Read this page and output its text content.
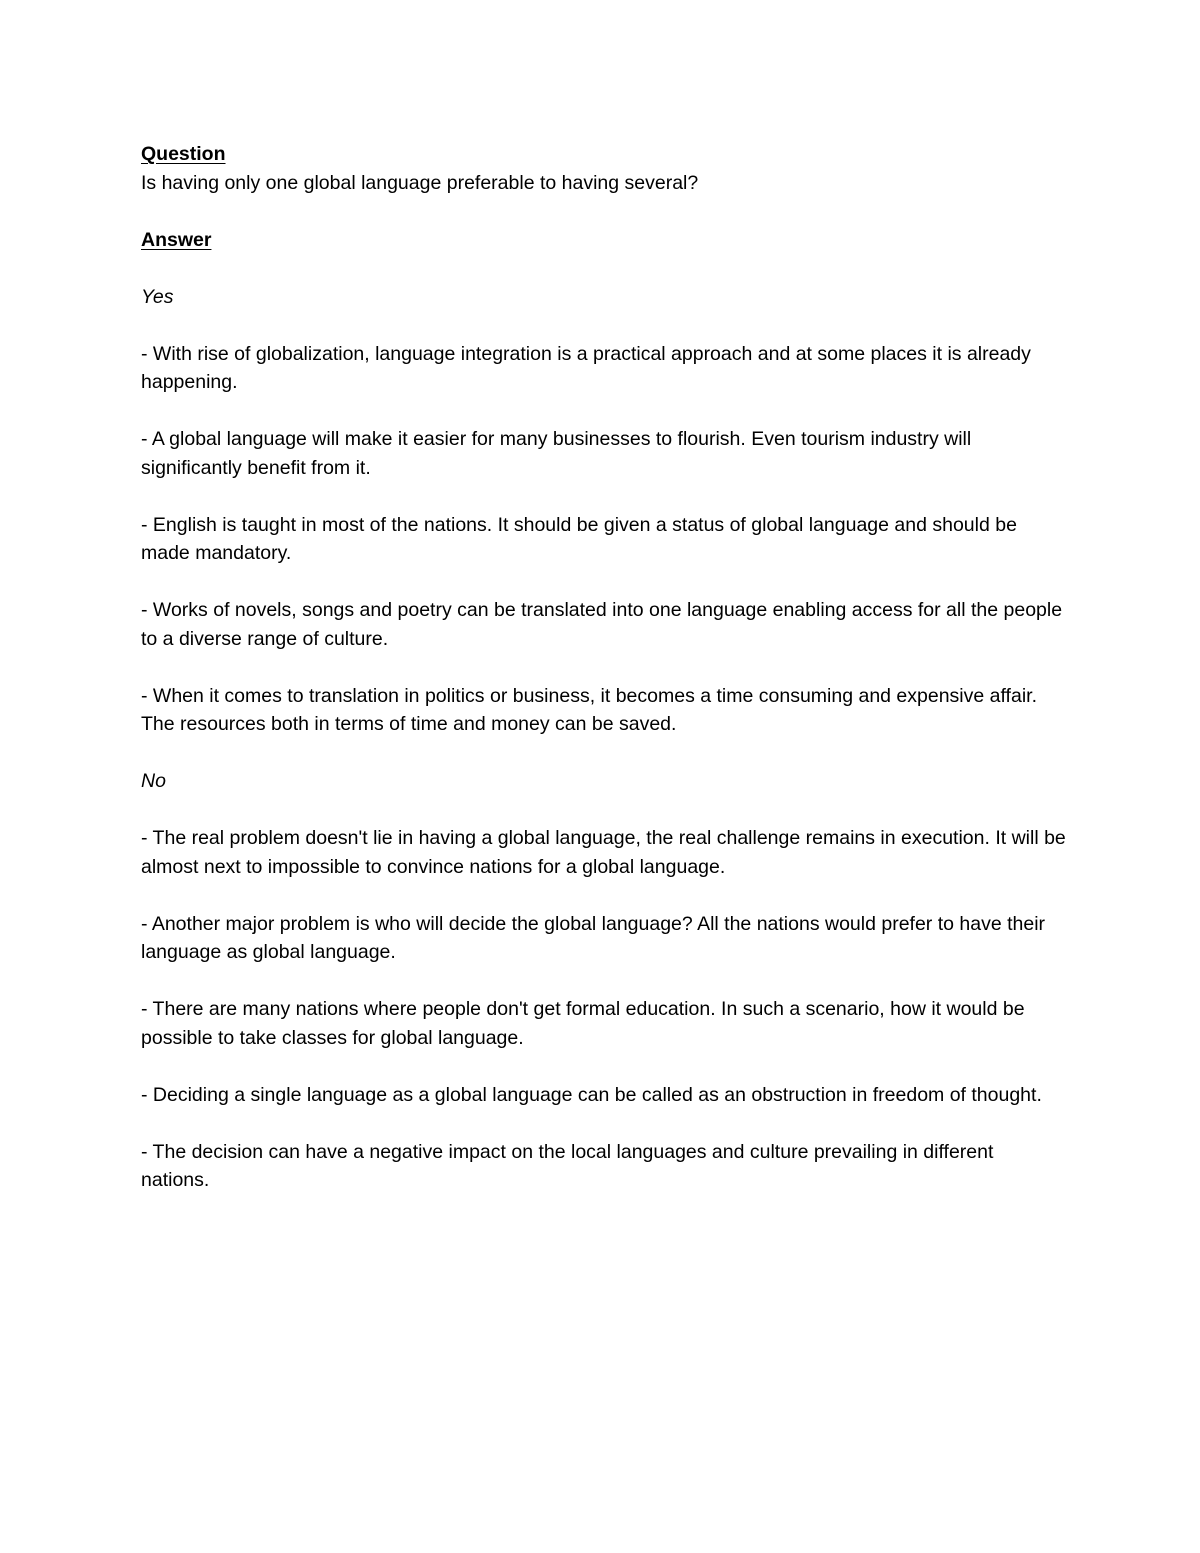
Question

Is having only one global language preferable to having several?

Answer

Yes

- With rise of globalization, language integration is a practical approach and at some places it is already happening.

- A global language will make it easier for many businesses to flourish. Even tourism industry will significantly benefit from it.

- English is taught in most of the nations. It should be given a status of global language and should be made mandatory.

- Works of novels, songs and poetry can be translated into one language enabling access for all the people to a diverse range of culture.

- When it comes to translation in politics or business, it becomes a time consuming and expensive affair. The resources both in terms of time and money can be saved.

No

- The real problem doesn't lie in having a global language, the real challenge remains in execution. It will be almost next to impossible to convince nations for a global language.

- Another major problem is who will decide the global language? All the nations would prefer to have their language as global language.

- There are many nations where people don't get formal education. In such a scenario, how it would be possible to take classes for global language.

- Deciding a single language as a global language can be called as an obstruction in freedom of thought.

- The decision can have a negative impact on the local languages and culture prevailing in different nations.
